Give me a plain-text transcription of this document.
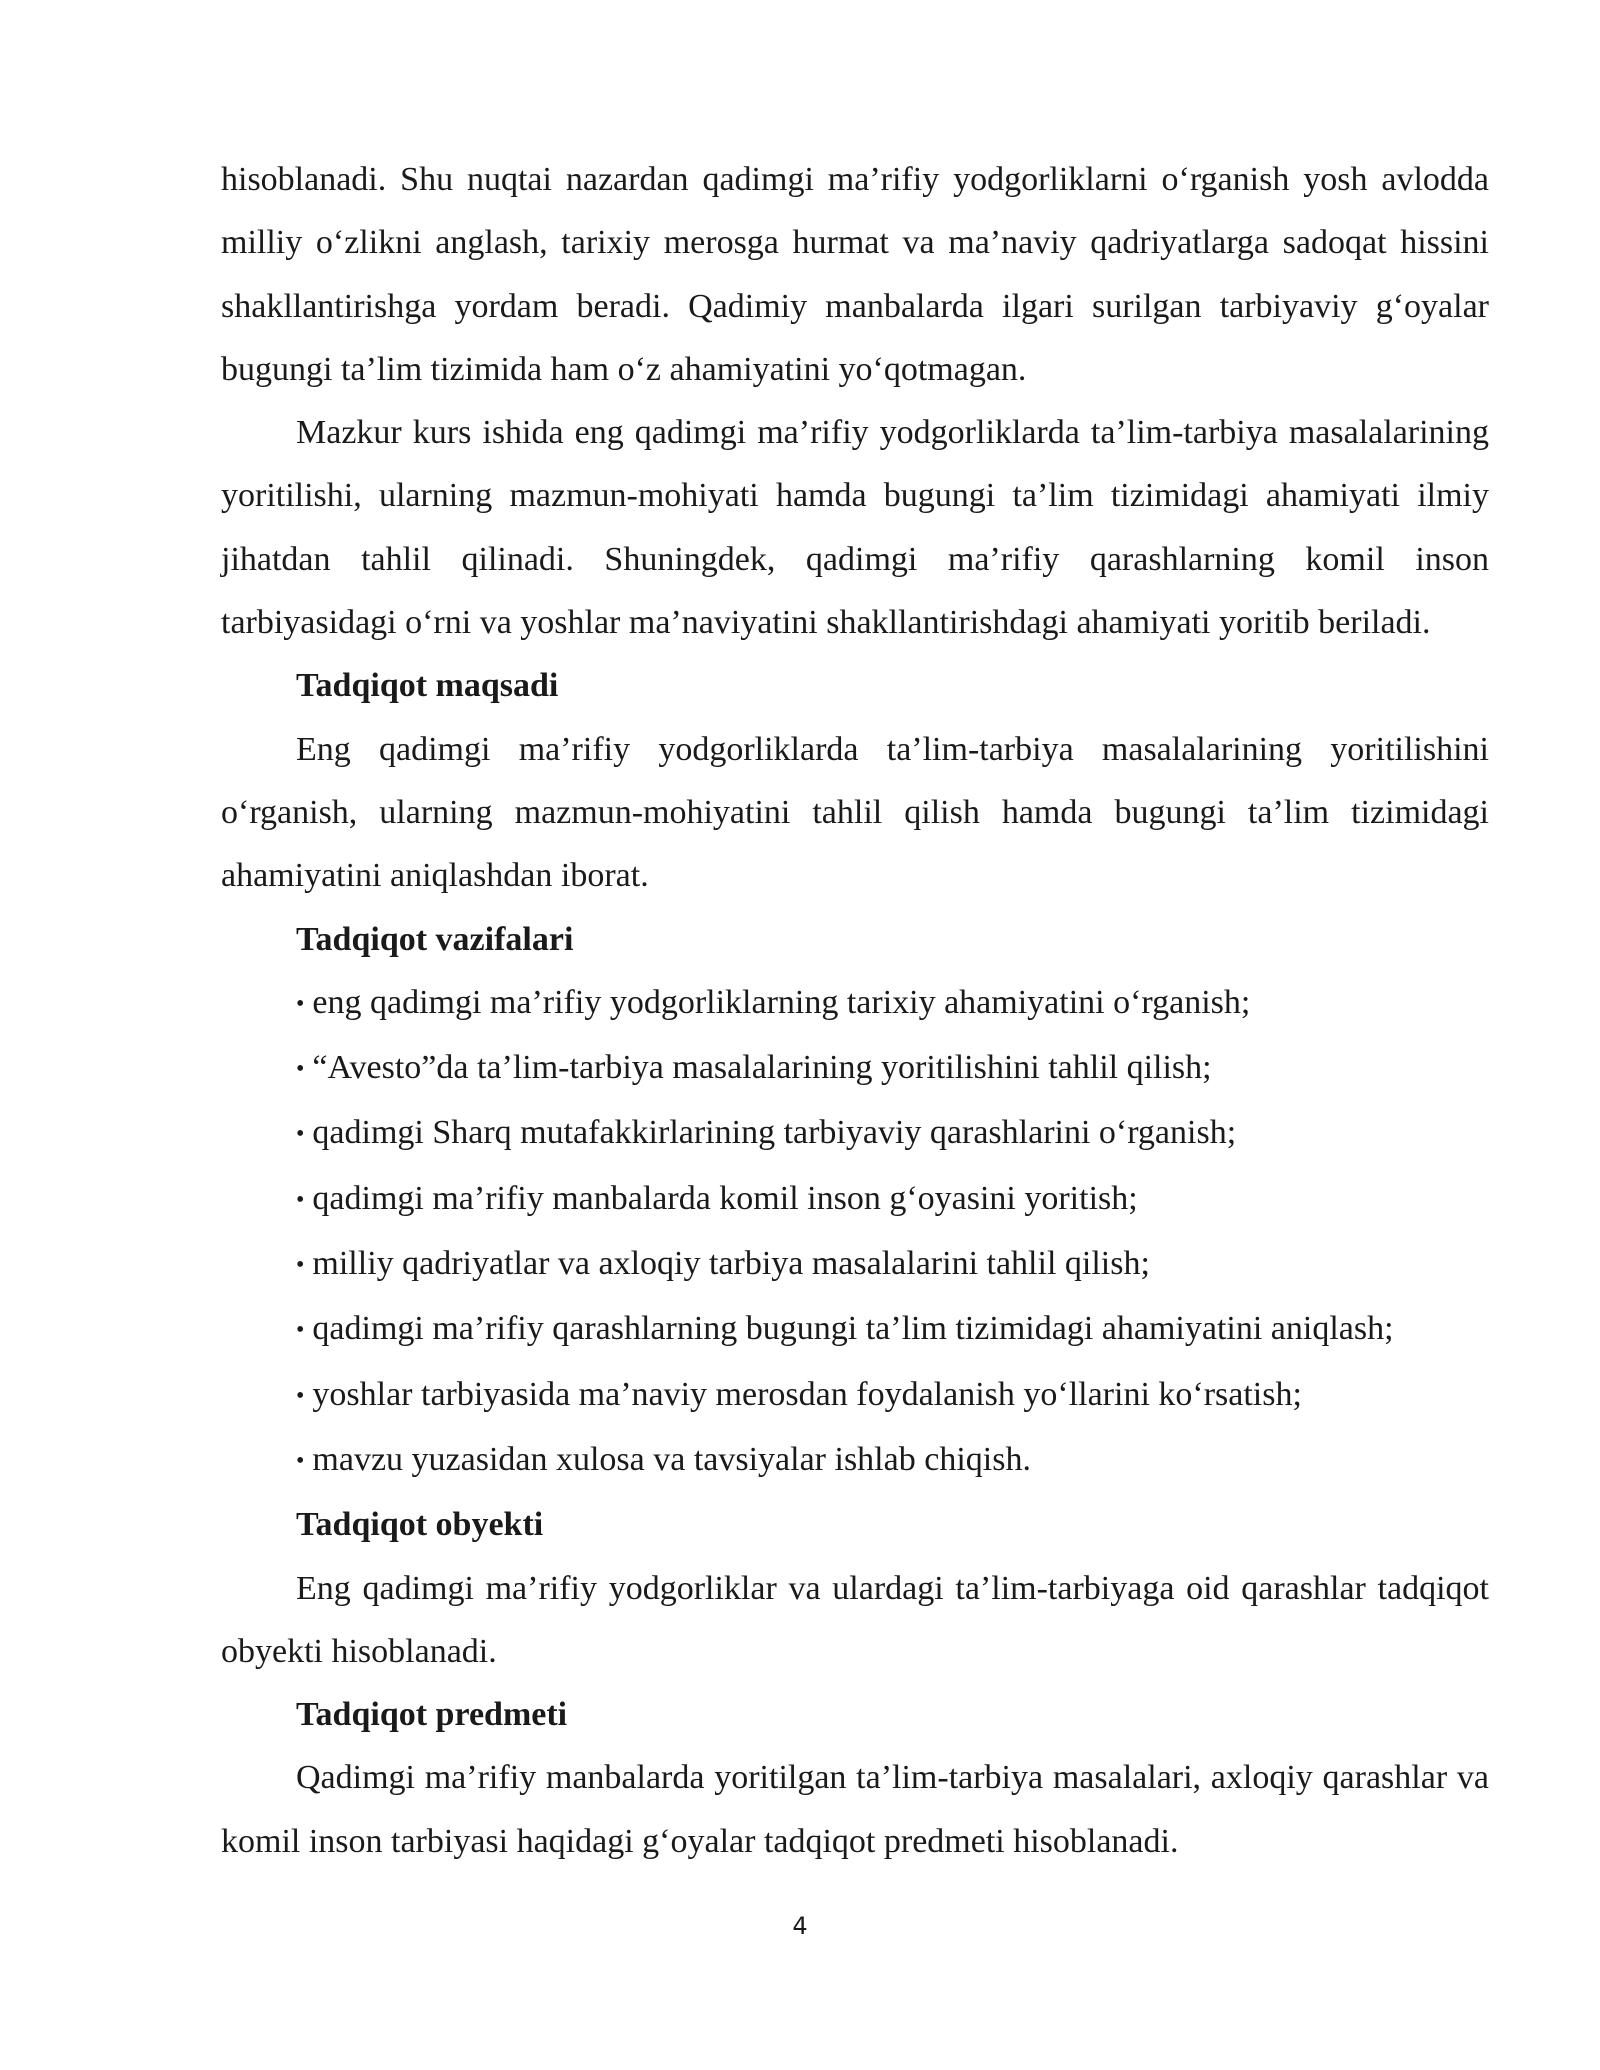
hisoblanadi. Shu nuqtai nazardan qadimgi ma’rifiy yodgorliklarni o‘rganish yosh avlodda milliy o‘zlikni anglash, tarixiy merosga hurmat va ma’naviy qadriyatlarga sadoqat hissini shakllantirishga yordam beradi. Qadimiy manbalarda ilgari surilgan tarbiyaviy g‘oyalar bugungi ta’lim tizimida ham o‘z ahamiyatini yo‘qotmagan.

Mazkur kurs ishida eng qadimgi ma’rifiy yodgorliklarda ta’lim-tarbiya masalalarining yoritilishi, ularning mazmun-mohiyati hamda bugungi ta’lim tizimidagi ahamiyati ilmiy jihatdan tahlil qilinadi. Shuningdek, qadimgi ma’rifiy qarashlarning komil inson tarbiyasidagi o‘rni va yoshlar ma’naviyatini shakllantirishdagi ahamiyati yoritib beriladi.

Tadqiqot maqsadi

Eng qadimgi ma’rifiy yodgorliklarda ta’lim-tarbiya masalalarining yoritilishini o‘rganish, ularning mazmun-mohiyatini tahlil qilish hamda bugungi ta’lim tizimidagi ahamiyatini aniqlashdan iborat.

Tadqiqot vazifalari
• eng qadimgi ma’rifiy yodgorliklarning tarixiy ahamiyatini o‘rganish;
• “Avesto”da ta’lim-tarbiya masalalarining yoritilishini tahlil qilish;
• qadimgi Sharq mutafakkirlarining tarbiyaviy qarashlarini o‘rganish;
• qadimgi ma’rifiy manbalarda komil inson g‘oyasini yoritish;
• milliy qadriyatlar va axloqiy tarbiya masalalarini tahlil qilish;
• qadimgi ma’rifiy qarashlarning bugungi ta’lim tizimidagi ahamiyatini aniqlash;
• yoshlar tarbiyasida ma’naviy merosdan foydalanish yo‘llarini ko‘rsatish;
• mavzu yuzasidan xulosa va tavsiyalar ishlab chiqish.
Tadqiqot obyekti

Eng qadimgi ma’rifiy yodgorliklar va ulardagi ta’lim-tarbiyaga oid qarashlar tadqiqot obyekti hisoblanadi.

Tadqiqot predmeti

Qadimgi ma’rifiy manbalarda yoritilgan ta’lim-tarbiya masalalari, axloqiy qarashlar va komil inson tarbiyasi haqidagi g‘oyalar tadqiqot predmeti hisoblanadi.

4
